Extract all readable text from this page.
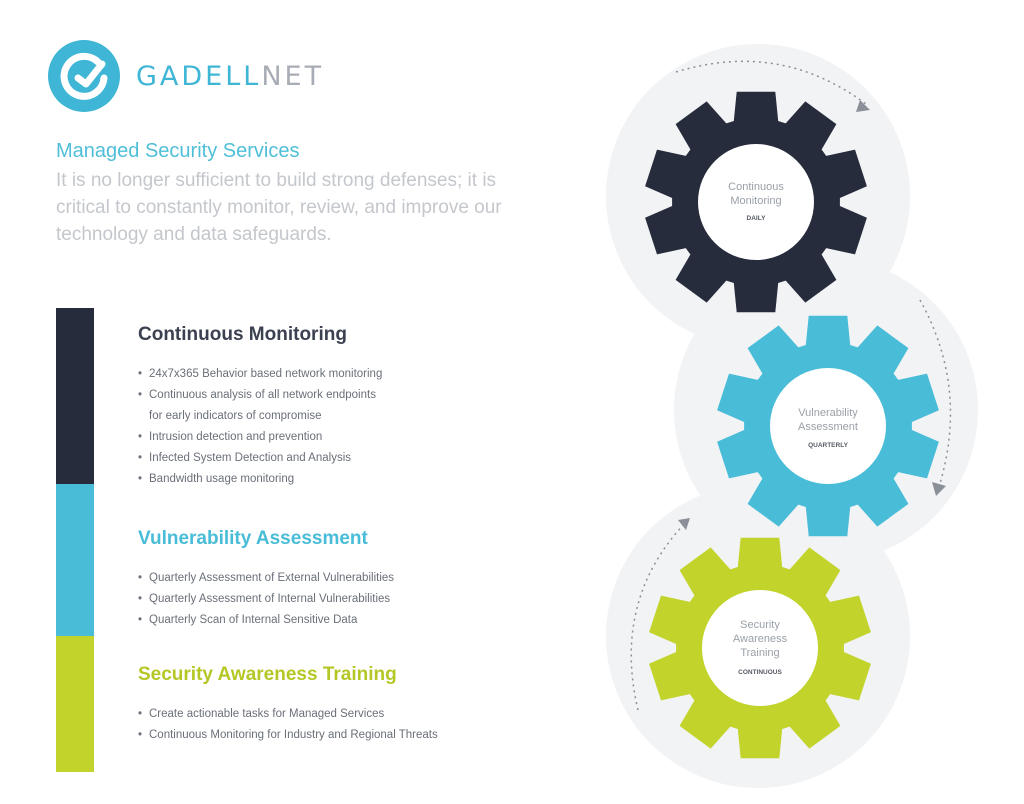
GADELLNET
Managed Security Services
It is no longer sufficient to build strong defenses; it is critical to constantly monitor, review, and improve our technology and data safeguards.
Continuous Monitoring
• 24x7x365 Behavior based network monitoring
• Continuous analysis of all network endpoints
for early indicators of compromise
• Intrusion detection and prevention
• Infected System Detection and Analysis
• Bandwidth usage monitoring
Vulnerability Assessment
• Quarterly Assessment of External Vulnerabilities
• Quarterly Assessment of Internal Vulnerabilities
• Quarterly Scan of Internal Sensitive Data
Security Awareness Training
• Create actionable tasks for Managed Services
• Continuous Monitoring for Industry and Regional Threats
Continuous
Monitoring
DAILY
Vulnerability
Assessment
QUARTERLY
Security
Awareness
Training
CONTINUOUS
